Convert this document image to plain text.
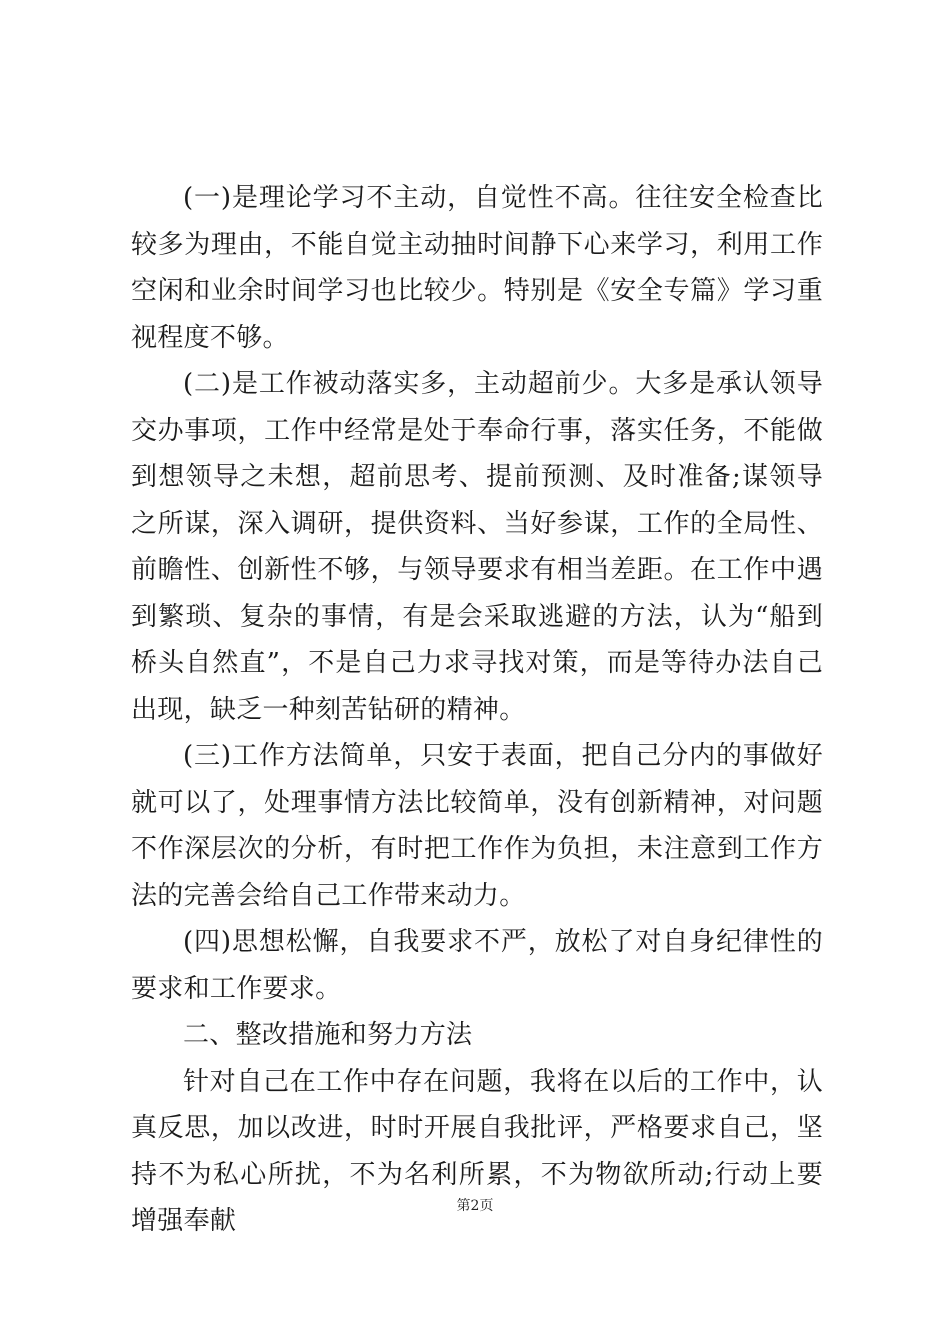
(一)是理论学习不主动，自觉性不高。往往安全检查比较多为理由，不能自觉主动抽时间静下心来学习，利用工作空闲和业余时间学习也比较少。特别是《安全专篇》学习重视程度不够。

(二)是工作被动落实多，主动超前少。大多是承认领导交办事项，工作中经常是处于奉命行事，落实任务，不能做到想领导之未想，超前思考、提前预测、及时准备;谋领导之所谋，深入调研，提供资料、当好参谋，工作的全局性、前瞻性、创新性不够，与领导要求有相当差距。在工作中遇到繁琐、复杂的事情，有是会采取逃避的方法，认为“船到桥头自然直”，不是自己力求寻找对策，而是等待办法自己出现，缺乏一种刻苦钻研的精神。

(三)工作方法简单，只安于表面，把自己分内的事做好就可以了，处理事情方法比较简单，没有创新精神，对问题不作深层次的分析，有时把工作作为负担，未注意到工作方法的完善会给自己工作带来动力。

(四)思想松懈，自我要求不严，放松了对自身纪律性的要求和工作要求。

二、整改措施和努力方法

针对自己在工作中存在问题，我将在以后的工作中，认真反思，加以改进，时时开展自我批评，严格要求自己，坚持不为私心所扰，不为名利所累，不为物欲所动;行动上要增强奉献	第2页
